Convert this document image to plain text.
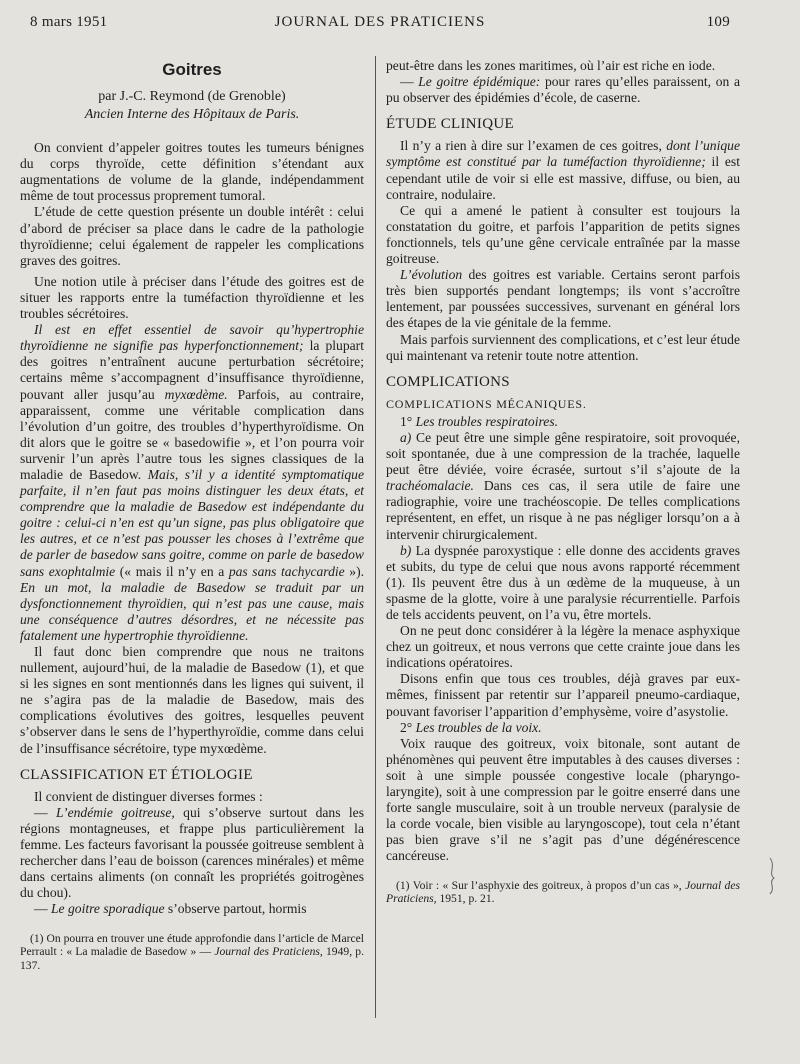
8 mars 1951	JOURNAL DES PRATICIENS	109
Goitres
par J.-C. Reymond (de Grenoble)
Ancien Interne des Hôpitaux de Paris.

On convient d’appeler goitres toutes les tumeurs bénignes du corps thyroïde, cette définition s’étendant aux augmentations de volume de la glande, indépendamment même de tout processus proprement tumoral.

L’étude de cette question présente un double intérêt : celui d’abord de préciser sa place dans le cadre de la pathologie thyroïdienne; celui également de rappeler les complications graves des goitres.

Une notion utile à préciser dans l’étude des goitres est de situer les rapports entre la tuméfaction thyroïdienne et les troubles sécrétoires.

Il est en effet essentiel de savoir qu’hypertrophie thyroïdienne ne signifie pas hyperfonctionnement; la plupart des goitres n’entraînent aucune perturbation sécrétoire; certains même s’accompagnent d’insuffisance thyroïdienne, pouvant aller jusqu’au myxœdème. Parfois, au contraire, apparaissent, comme une véritable complication dans l’évolution d’un goitre, des troubles d’hyperthyroïdisme. On dit alors que le goitre se « basedowifie », et l’on pourra voir survenir l’un après l’autre tous les signes classiques de la maladie de Basedow. Mais, s’il y a identité symptomatique parfaite, il n’en faut pas moins distinguer les deux états, et comprendre que la maladie de Basedow est indépendante du goitre : celui-ci n’en est qu’un signe, pas plus obligatoire que les autres, et ce n’est pas pousser les choses à l’extrême que de parler de basedow sans goitre, comme on parle de basedow sans exophtalmie (« mais il n’y en a pas sans tachycardie »). En un mot, la maladie de Basedow se traduit par un dysfonctionnement thyroïdien, qui n’est pas une cause, mais une conséquence d’autres désordres, et ne nécessite pas fatalement une hypertrophie thyroïdienne.

Il faut donc bien comprendre que nous ne traitons nullement, aujourd’hui, de la maladie de Basedow (1), et que si les signes en sont mentionnés dans les lignes qui suivent, il ne s’agira pas de la maladie de Basedow, mais des complications évolutives des goitres, lesquelles peuvent s’observer dans le sens de l’hyperthyroïdie, comme dans celui de l’insuffisance sécrétoire, type myxœdème.

CLASSIFICATION ET ÉTIOLOGIE

Il convient de distinguer diverses formes :

— L’endémie goitreuse, qui s’observe surtout dans les régions montagneuses, et frappe plus particulièrement la femme. Les facteurs favorisant la poussée goitreuse semblent à rechercher dans l’eau de boisson (carences minérales) et même dans certains aliments (on connaît les propriétés goitrogènes du chou).

— Le goitre sporadique s’observe partout, hormis

(1) On pourra en trouver une étude approfondie dans l’article de Marcel Perrault : « La maladie de Basedow » — Journal des Praticiens, 1949, p. 137.

peut-être dans les zones maritimes, où l’air est riche en iode.

— Le goitre épidémique: pour rares qu’elles paraissent, on a pu observer des épidémies d’école, de caserne.

ÉTUDE CLINIQUE

Il n’y a rien à dire sur l’examen de ces goitres, dont l’unique symptôme est constitué par la tuméfaction thyroïdienne; il est cependant utile de voir si elle est massive, diffuse, ou bien, au contraire, nodulaire.

Ce qui a amené le patient à consulter est toujours la constatation du goitre, et parfois l’apparition de petits signes fonctionnels, tels qu’une gêne cervicale entraînée par la masse goitreuse.

L’évolution des goitres est variable. Certains seront parfois très bien supportés pendant longtemps; ils vont s’accroître lentement, par poussées successives, survenant en général lors des étapes de la vie génitale de la femme.

Mais parfois surviennent des complications, et c’est leur étude qui maintenant va retenir toute notre attention.

COMPLICATIONS

COMPLICATIONS MÉCANIQUES.

1° Les troubles respiratoires.

a) Ce peut être une simple gêne respiratoire, soit provoquée, soit spontanée, due à une compression de la trachée, laquelle peut être déviée, voire écrasée, surtout s’il s’ajoute de la trachéomalacie. Dans ces cas, il sera utile de faire une radiographie, voire une trachéoscopie. De telles complications représentent, en effet, un risque à ne pas négliger lorsqu’on a à intervenir chirurgicalement.

b) La dyspnée paroxystique : elle donne des accidents graves et subits, du type de celui que nous avons rapporté récemment (1). Ils peuvent être dus à un œdème de la muqueuse, à un spasme de la glotte, voire à une paralysie récurrentielle. Parfois de tels accidents peuvent, on l’a vu, être mortels.

On ne peut donc considérer à la légère la menace asphyxique chez un goitreux, et nous verrons que cette crainte joue dans les indications opératoires.

Disons enfin que tous ces troubles, déjà graves par eux-mêmes, finissent par retentir sur l’appareil pneumo-cardiaque, pouvant favoriser l’apparition d’emphysème, voire d’asystolie.

2° Les troubles de la voix.

Voix rauque des goitreux, voix bitonale, sont autant de phénomènes qui peuvent être imputables à des causes diverses : soit à une simple poussée congestive locale (pharyngo-laryngite), soit à une compression par le goitre enserré dans une forte sangle musculaire, soit à un trouble nerveux (paralysie de la corde vocale, bien visible au laryngoscope), tout cela n’étant pas bien grave s’il ne s’agit pas d’une dégénérescence cancéreuse.

(1) Voir : « Sur l’asphyxie des goitreux, à propos d’un cas », Journal des Praticiens, 1951, p. 21.
